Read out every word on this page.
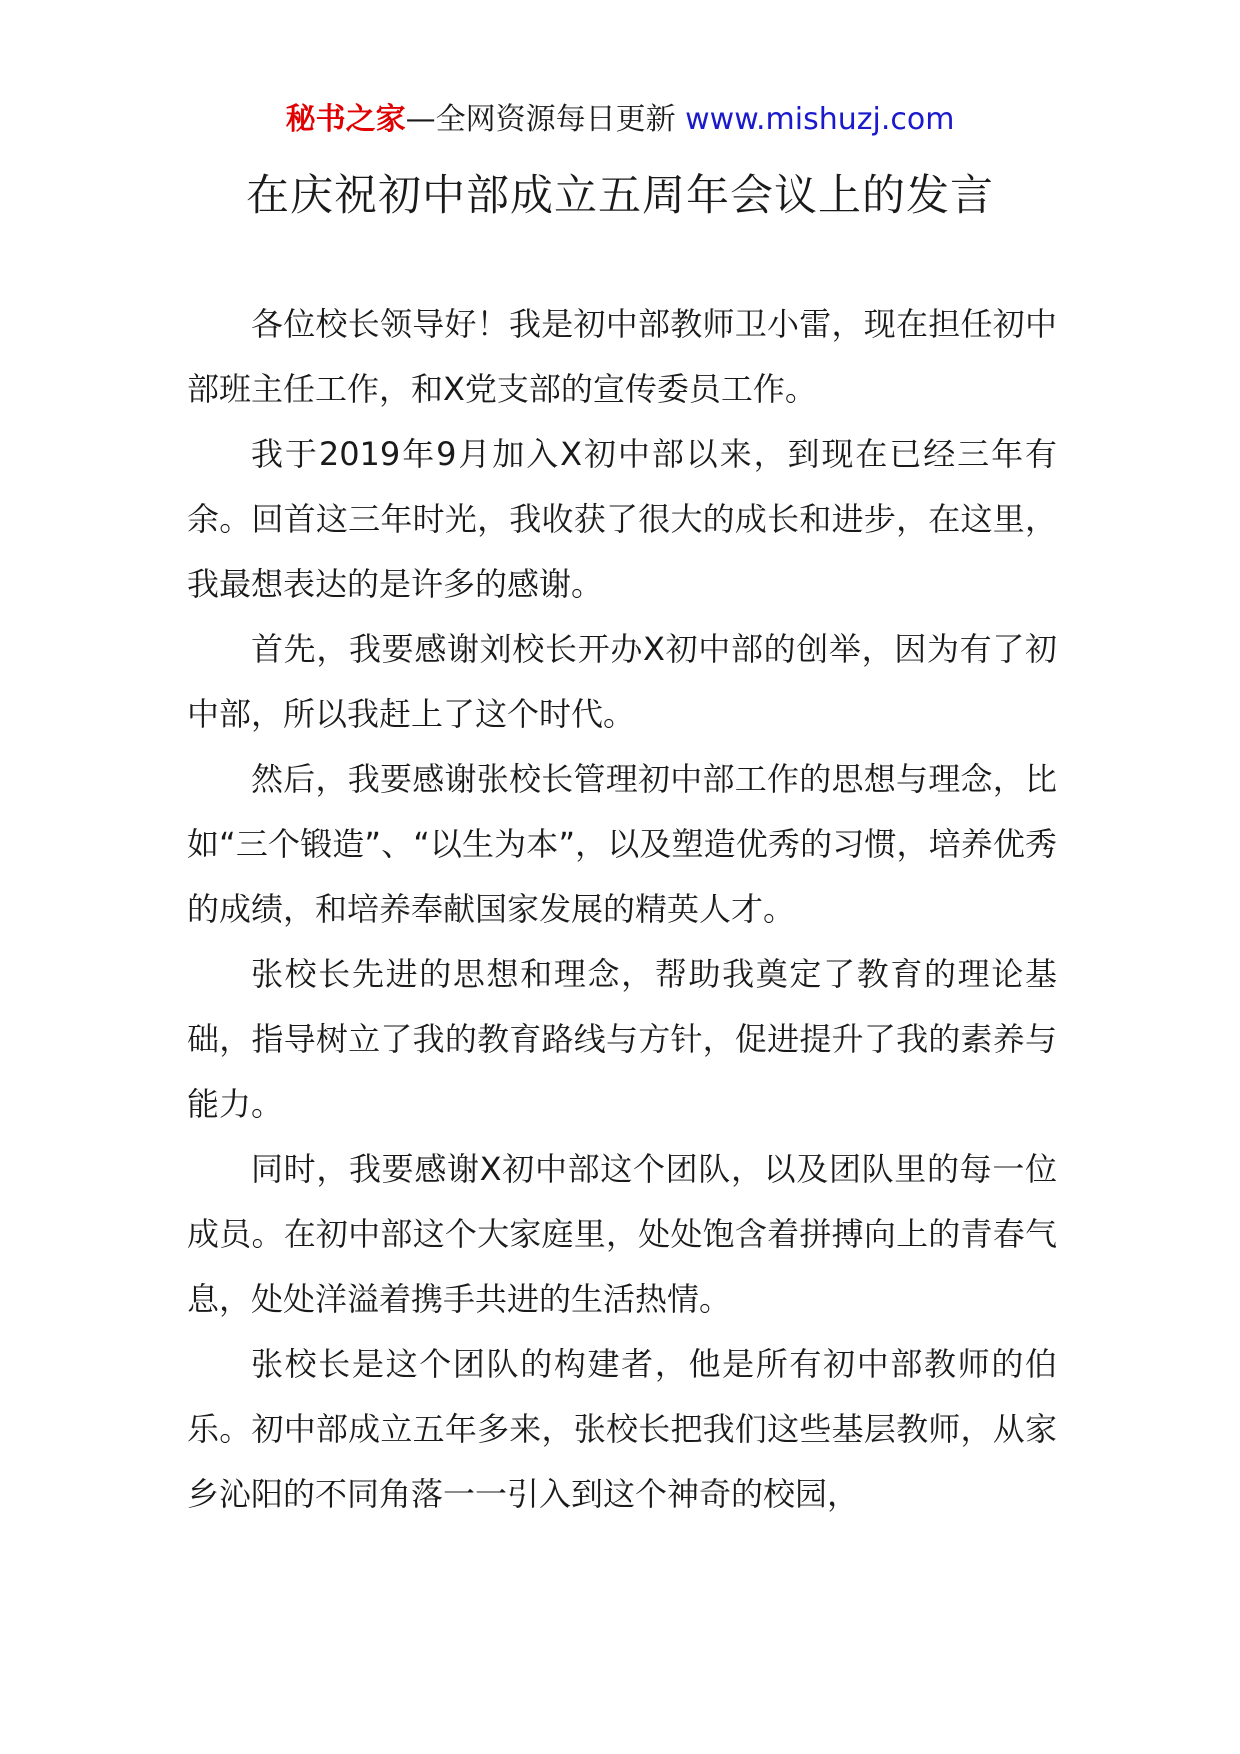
秘书之家—全网资源每日更新 www.mishuzj.com
在庆祝初中部成立五周年会议上的发言

各位校长领导好！我是初中部教师卫小雷，现在担任初中部班主任工作，和X党支部的宣传委员工作。

我于2019年9月加入X初中部以来，到现在已经三年有余。回首这三年时光，我收获了很大的成长和进步，在这里，我最想表达的是许多的感谢。

首先，我要感谢刘校长开办X初中部的创举，因为有了初中部，所以我赶上了这个时代。

然后，我要感谢张校长管理初中部工作的思想与理念，比如“三个锻造”、“以生为本”，以及塑造优秀的习惯，培养优秀的成绩，和培养奉献国家发展的精英人才。

张校长先进的思想和理念，帮助我奠定了教育的理论基础，指导树立了我的教育路线与方针，促进提升了我的素养与能力。

同时，我要感谢X初中部这个团队，以及团队里的每一位成员。在初中部这个大家庭里，处处饱含着拼搏向上的青春气息，处处洋溢着携手共进的生活热情。

张校长是这个团队的构建者，他是所有初中部教师的伯乐。初中部成立五年多来，张校长把我们这些基层教师，从家乡沁阳的不同角落一一引入到这个神奇的校园，
